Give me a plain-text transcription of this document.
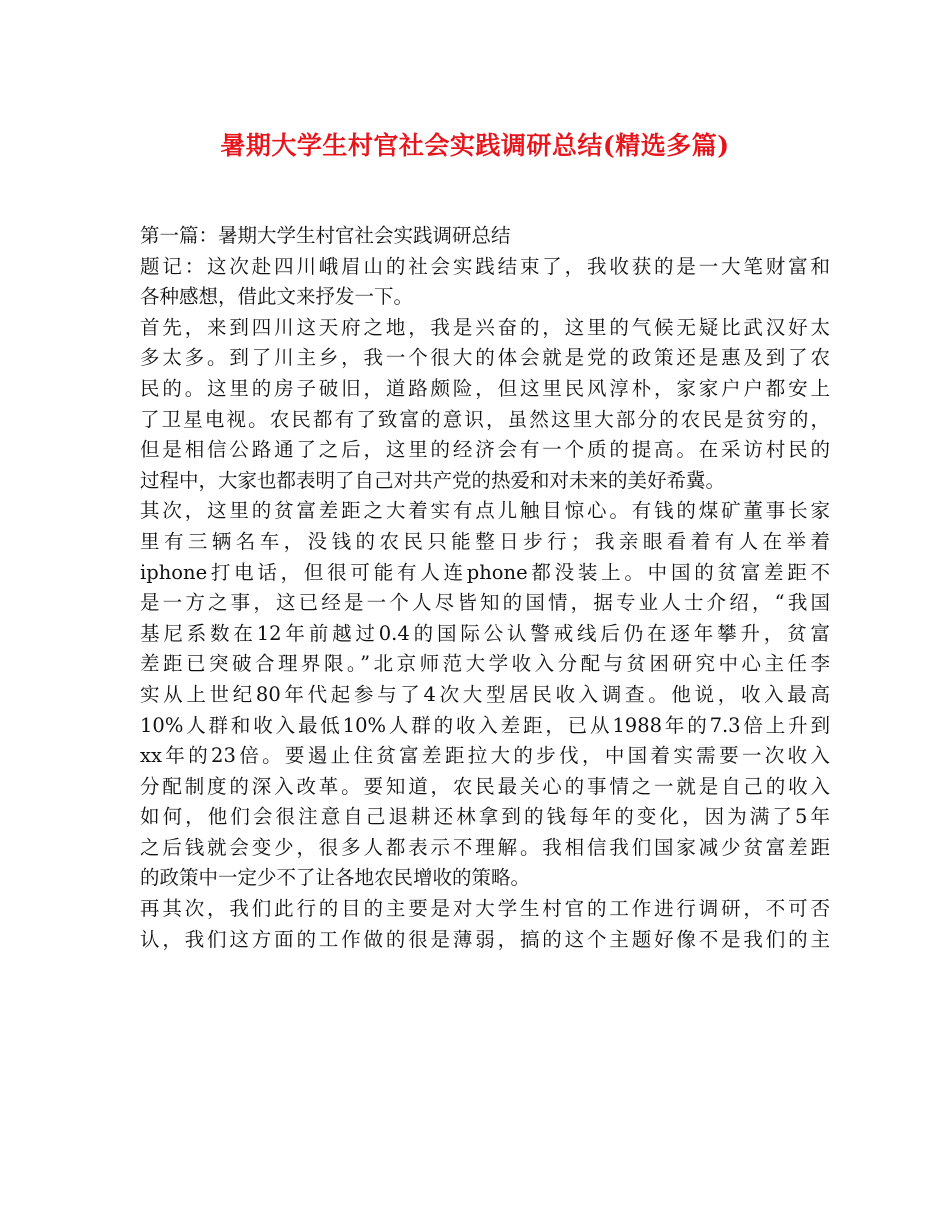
暑期大学生村官社会实践调研总结(精选多篇)
第一篇：暑期大学生村官社会实践调研总结
题记：这次赴四川峨眉山的社会实践结束了，我收获的是一大笔财富和
各种感想，借此文来抒发一下。
首先，来到四川这天府之地，我是兴奋的，这里的气候无疑比武汉好太
多太多。到了川主乡，我一个很大的体会就是党的政策还是惠及到了农
民的。这里的房子破旧，道路颇险，但这里民风淳朴，家家户户都安上
了卫星电视。农民都有了致富的意识，虽然这里大部分的农民是贫穷的，
但是相信公路通了之后，这里的经济会有一个质的提高。在采访村民的
过程中，大家也都表明了自己对共产党的热爱和对未来的美好希冀。
其次，这里的贫富差距之大着实有点儿触目惊心。有钱的煤矿董事长家
里有三辆名车，没钱的农民只能整日步行；我亲眼看着有人在举着
iphone打电话，但很可能有人连phone都没装上。中国的贫富差距不
是一方之事，这已经是一个人尽皆知的国情，据专业人士介绍，“我国
基尼系数在12年前越过0.4的国际公认警戒线后仍在逐年攀升，贫富
差距已突破合理界限。”北京师范大学收入分配与贫困研究中心主任李
实从上世纪80年代起参与了4次大型居民收入调查。他说，收入最高
10%人群和收入最低10%人群的收入差距，已从1988年的7.3倍上升到
xx年的23倍。要遏止住贫富差距拉大的步伐，中国着实需要一次收入
分配制度的深入改革。要知道，农民最关心的事情之一就是自己的收入
如何，他们会很注意自己退耕还林拿到的钱每年的变化，因为满了5年
之后钱就会变少，很多人都表示不理解。我相信我们国家减少贫富差距
的政策中一定少不了让各地农民增收的策略。
再其次，我们此行的目的主要是对大学生村官的工作进行调研，不可否
认，我们这方面的工作做的很是薄弱，搞的这个主题好像不是我们的主
